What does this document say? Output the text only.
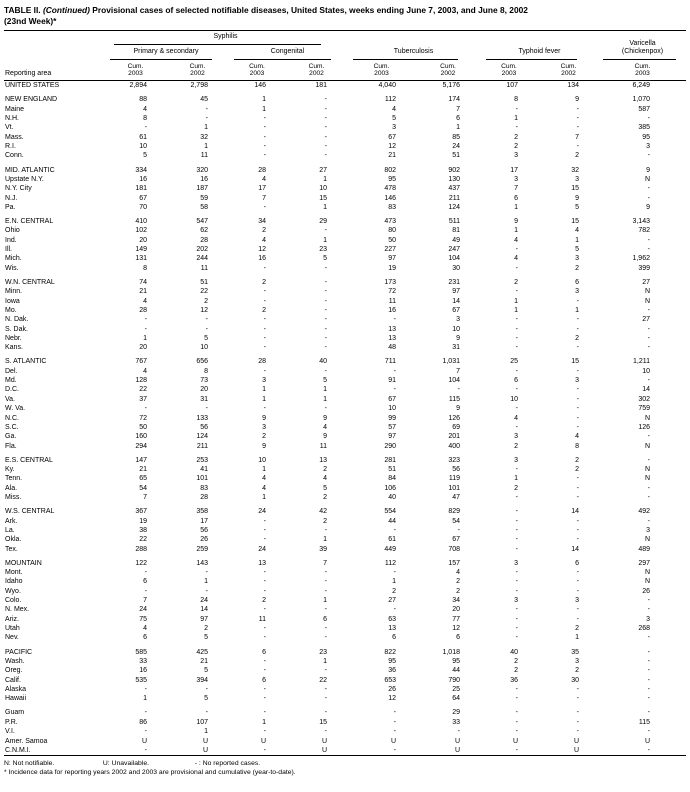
TABLE II. (Continued) Provisional cases of selected notifiable diseases, United States, weeks ending June 7, 2003, and June 8, 2002
(23nd Week)*
Reporting area	Syphilis				Tuberculosis		Typhoid fever		Varicella
(Chickenpox)

	Primary & secondary		Congenital						

	Cum.
2003	Cum.
2002	Cum.
2003	Cum.
2002	Cum.
2003	Cum.
2002	Cum.
2003	Cum.
2002	Cum.
2003
UNITED STATES	2,894	2,798	146	181	4,040	5,176	107	134	6,249

NEW ENGLAND	88	45	1	-	112	174	8	9	1,070
Maine	4	-	1	-	4	7	-	-	587
N.H.	8	-	-	-	5	6	1	-	-
Vt.	-	1	-	-	3	1	-	-	385
Mass.	61	32	-	-	67	85	2	7	95
R.I.	10	1	-	-	12	24	2	-	3
Conn.	5	11	-	-	21	51	3	2	-

MID. ATLANTIC	334	320	28	27	802	902	17	32	9
Upstate N.Y.	16	16	4	1	95	130	3	3	N
N.Y. City	181	187	17	10	478	437	7	15	-
N.J.	67	59	7	15	146	211	6	9	-
Pa.	70	58	-	1	83	124	1	5	9

E.N. CENTRAL	410	547	34	29	473	511	9	15	3,143
Ohio	102	62	2	-	80	81	1	4	782
Ind.	20	28	4	1	50	49	4	1	-
Ill.	149	202	12	23	227	247	-	5	-
Mich.	131	244	16	5	97	104	4	3	1,962
Wis.	8	11	-	-	19	30	-	2	399

W.N. CENTRAL	74	51	2	-	173	231	2	6	27
Minn.	21	22	-	-	72	97	-	3	N
Iowa	4	2	-	-	11	14	1	-	N
Mo.	28	12	2	-	16	67	1	1	-
N. Dak.	-	-	-	-	-	3	-	-	27
S. Dak.	-	-	-	-	13	10	-	-	-
Nebr.	1	5	-	-	13	9	-	2	-
Kans.	20	10	-	-	48	31	-	-	-

S. ATLANTIC	767	656	28	40	711	1,031	25	15	1,211
Del.	4	8	-	-	-	7	-	-	10
Md.	128	73	3	5	91	104	6	3	-
D.C.	22	20	1	1	-	-	-	-	14
Va.	37	31	1	1	67	115	10	-	302
W. Va.	-	-	-	-	10	9	-	-	759
N.C.	72	133	9	9	99	126	4	-	N
S.C.	50	56	3	4	57	69	-	-	126
Ga.	160	124	2	9	97	201	3	4	-
Fla.	294	211	9	11	290	400	2	8	N

E.S. CENTRAL	147	253	10	13	281	323	3	2	-
Ky.	21	41	1	2	51	56	-	2	N
Tenn.	65	101	4	4	84	119	1	-	N
Ala.	54	83	4	5	106	101	2	-	-
Miss.	7	28	1	2	40	47	-	-	-

W.S. CENTRAL	367	358	24	42	554	829	-	14	492
Ark.	19	17	-	2	44	54	-	-	-
La.	38	56	-	-	-	-	-	-	3
Okla.	22	26	-	1	61	67	-	-	N
Tex.	288	259	24	39	449	708	-	14	489

MOUNTAIN	122	143	13	7	112	157	3	6	297
Mont.	-	-	-	-	-	4	-	-	N
Idaho	6	1	-	-	1	2	-	-	N
Wyo.	-	-	-	-	2	2	-	-	26
Colo.	7	24	2	1	27	34	3	3	-
N. Mex.	24	14	-	-	-	20	-	-	-
Ariz.	75	97	11	6	63	77	-	-	3
Utah	4	2	-	-	13	12	-	2	268
Nev.	6	5	-	-	6	6	-	1	-

PACIFIC	585	425	6	23	822	1,018	40	35	-
Wash.	33	21	-	1	95	95	2	3	-
Oreg.	16	5	-	-	36	44	2	2	-
Calif.	535	394	6	22	653	790	36	30	-
Alaska	-	-	-	-	26	25	-	-	-
Hawaii	1	5	-	-	12	64	-	-	-

Guam	-	-	-	-	-	29	-	-	-
P.R.	86	107	1	15	-	33	-	-	115
V.I.	-	1	-	-	-	-	-	-	-
Amer. Samoa	U	U	U	U	U	U	U	U	U
C.N.M.I.	-	U	-	U	-	U	-	U	-
N: Not notifiable.	U: Unavailable.	- : No reported cases.
* Incidence data for reporting years 2002 and 2003 are provisional and cumulative (year-to-date).
